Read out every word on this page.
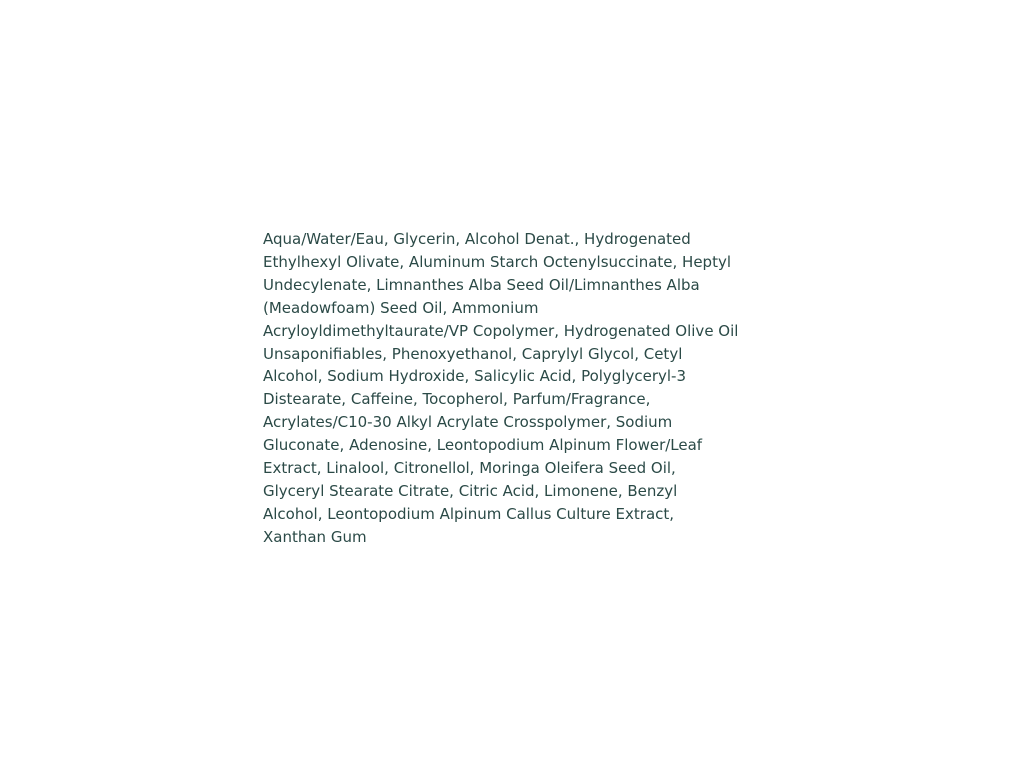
Aqua/Water/Eau, Glycerin, Alcohol Denat., Hydrogenated
Ethylhexyl Olivate, Aluminum Starch Octenylsuccinate, Heptyl
Undecylenate, Limnanthes Alba Seed Oil/Limnanthes Alba
(Meadowfoam) Seed Oil, Ammonium
Acryloyldimethyltaurate/VP Copolymer, Hydrogenated Olive Oil
Unsaponifiables, Phenoxyethanol, Caprylyl Glycol, Cetyl
Alcohol, Sodium Hydroxide, Salicylic Acid, Polyglyceryl-3
Distearate, Caffeine, Tocopherol, Parfum/Fragrance,
Acrylates/C10-30 Alkyl Acrylate Crosspolymer, Sodium
Gluconate, Adenosine, Leontopodium Alpinum Flower/Leaf
Extract, Linalool, Citronellol, Moringa Oleifera Seed Oil,
Glyceryl Stearate Citrate, Citric Acid, Limonene, Benzyl
Alcohol, Leontopodium Alpinum Callus Culture Extract,
Xanthan Gum
